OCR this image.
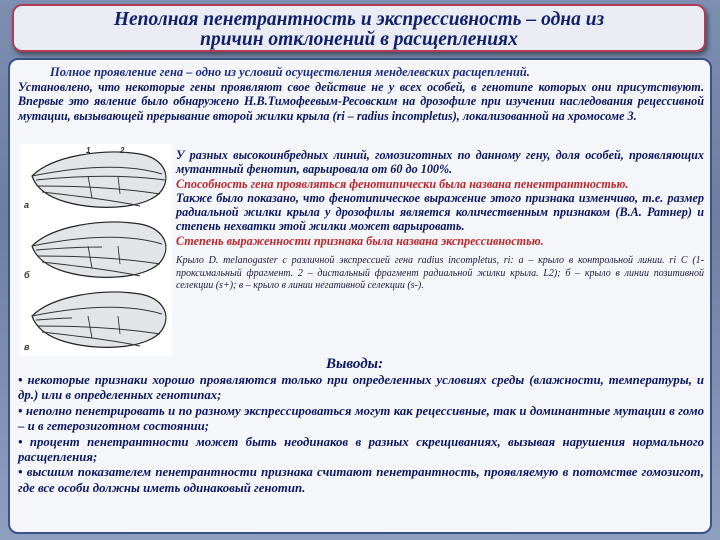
Неполная пенетрантность и экспрессивность – одна из
причин отклонений в расщеплениях
Полное проявление гена – одно из условий осуществления менделевских расщеплений.
Установлено, что некоторые гены проявляют свое действие не у всех особей, в генотипе которых они присутствуют. Впервые это явление было обнаружено Н.В.Тимофеевым-Ресовским на дрозофиле при изучении наследования рецессивной мутации, вызывающей прерывание второй жилки крыла (ri – radius incompletus), локализованной на хромосоме 3.
1	2
а
б
в

У разных высокоинбредных линий, гомозиготных по данному гену, доля особей, проявляющих мутантный фенотип, варьировала от 60 до 100%.

Способность гена проявляться фенотипически была названа пенентрантностью.

Также было показано, что фенотипическое выражение этого признака изменчиво, т.е. размер радиальной жилки крыла у дрозофилы является количественным признаком (В.А. Ратнер) и степень нехватки этой жилки может варьировать.

Степень выраженности признака была названа экспрессивностью.

Крыло D. melanogaster с различной экспрессией гена radius incompletus, ri: а – крыло в контрольной линии. ri С (1- проксимальный фрагмент. 2 – дистальный фрагмент радиальной жилки крыла. L2); б – крыло в линии позитивной селекции (s+); в – крыло в линии негативной селекции (s-).

Выводы:

• некоторые признаки хорошо проявляются только при определенных условиях среды (влажности, температуры, и др.) или в определенных генотипах;

• неполно пенетрировать и по разному экспрессироваться могут как рецессивные, так и доминантные мутации в гомо – и в гетерозиготном состоянии;

• процент пенетрантности может быть неодинаков в разных скрещиваниях, вызывая нарушения нормального расщепления;

• высшим показателем пенетрантности признака считают пенетрантность, проявляемую в потомстве гомозигот, где все особи должны иметь одинаковый генотип.
